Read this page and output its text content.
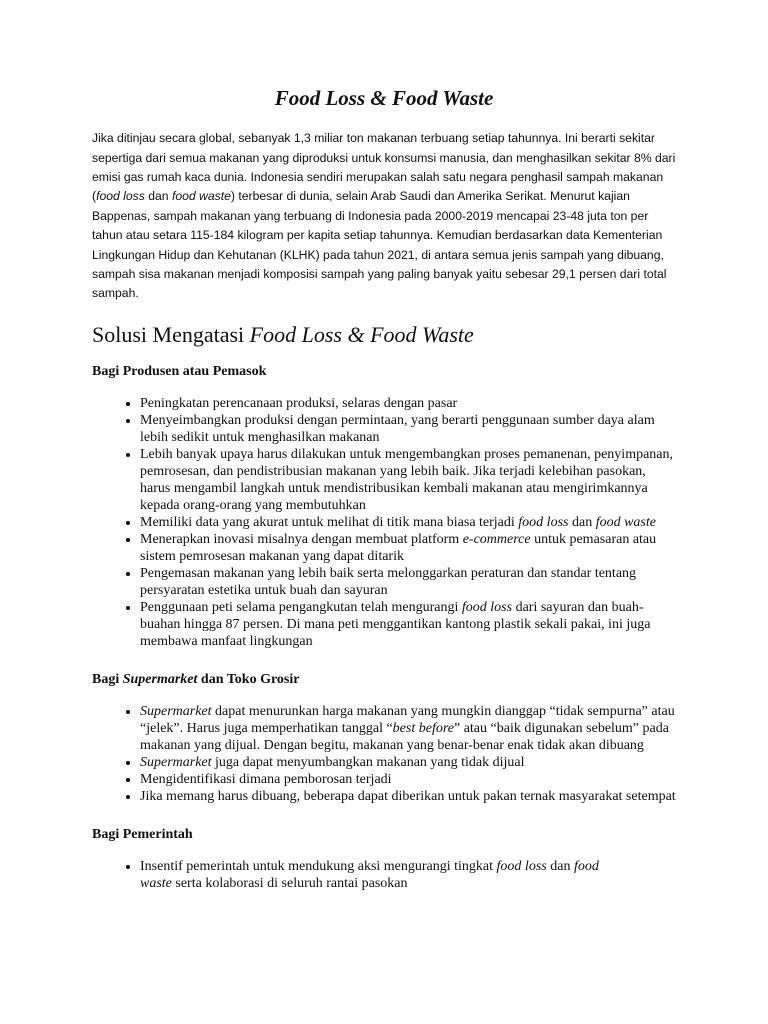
Food Loss & Food Waste

Jika ditinjau secara global, sebanyak 1,3 miliar ton makanan terbuang setiap tahunnya. Ini berarti sekitar sepertiga dari semua makanan yang diproduksi untuk konsumsi manusia, dan menghasilkan sekitar 8% dari emisi gas rumah kaca dunia. Indonesia sendiri merupakan salah satu negara penghasil sampah makanan (food loss dan food waste) terbesar di dunia, selain Arab Saudi dan Amerika Serikat. Menurut kajian Bappenas, sampah makanan yang terbuang di Indonesia pada 2000-2019 mencapai 23-48 juta ton per tahun atau setara 115-184 kilogram per kapita setiap tahunnya. Kemudian berdasarkan data Kementerian Lingkungan Hidup dan Kehutanan (KLHK) pada tahun 2021, di antara semua jenis sampah yang dibuang, sampah sisa makanan menjadi komposisi sampah yang paling banyak yaitu sebesar 29,1 persen dari total sampah.

Solusi Mengatasi Food Loss & Food Waste
Bagi Produsen atau Pemasok
• Peningkatan perencanaan produksi, selaras dengan pasar
• Menyeimbangkan produksi dengan permintaan, yang berarti penggunaan sumber daya alam lebih sedikit untuk menghasilkan makanan
• Lebih banyak upaya harus dilakukan untuk mengembangkan proses pemanenan, penyimpanan, pemrosesan, dan pendistribusian makanan yang lebih baik. Jika terjadi kelebihan pasokan, harus mengambil langkah untuk mendistribusikan kembali makanan atau mengirimkannya kepada orang-orang yang membutuhkan
• Memiliki data yang akurat untuk melihat di titik mana biasa terjadi food loss dan food waste
• Menerapkan inovasi misalnya dengan membuat platform e-commerce untuk pemasaran atau sistem pemrosesan makanan yang dapat ditarik
• Pengemasan makanan yang lebih baik serta melonggarkan peraturan dan standar tentang persyaratan estetika untuk buah dan sayuran
• Penggunaan peti selama pengangkutan telah mengurangi food loss dari sayuran dan buah-buahan hingga 87 persen. Di mana peti menggantikan kantong plastik sekali pakai, ini juga membawa manfaat lingkungan
Bagi Supermarket dan Toko Grosir
• Supermarket dapat menurunkan harga makanan yang mungkin dianggap “tidak sempurna” atau “jelek”. Harus juga memperhatikan tanggal “best before” atau “baik digunakan sebelum” pada makanan yang dijual. Dengan begitu, makanan yang benar-benar enak tidak akan dibuang
• Supermarket juga dapat menyumbangkan makanan yang tidak dijual
• Mengidentifikasi dimana pemborosan terjadi
• Jika memang harus dibuang, beberapa dapat diberikan untuk pakan ternak masyarakat setempat
Bagi Pemerintah
• Insentif pemerintah untuk mendukung aksi mengurangi tingkat food loss dan food
waste serta kolaborasi di seluruh rantai pasokan
